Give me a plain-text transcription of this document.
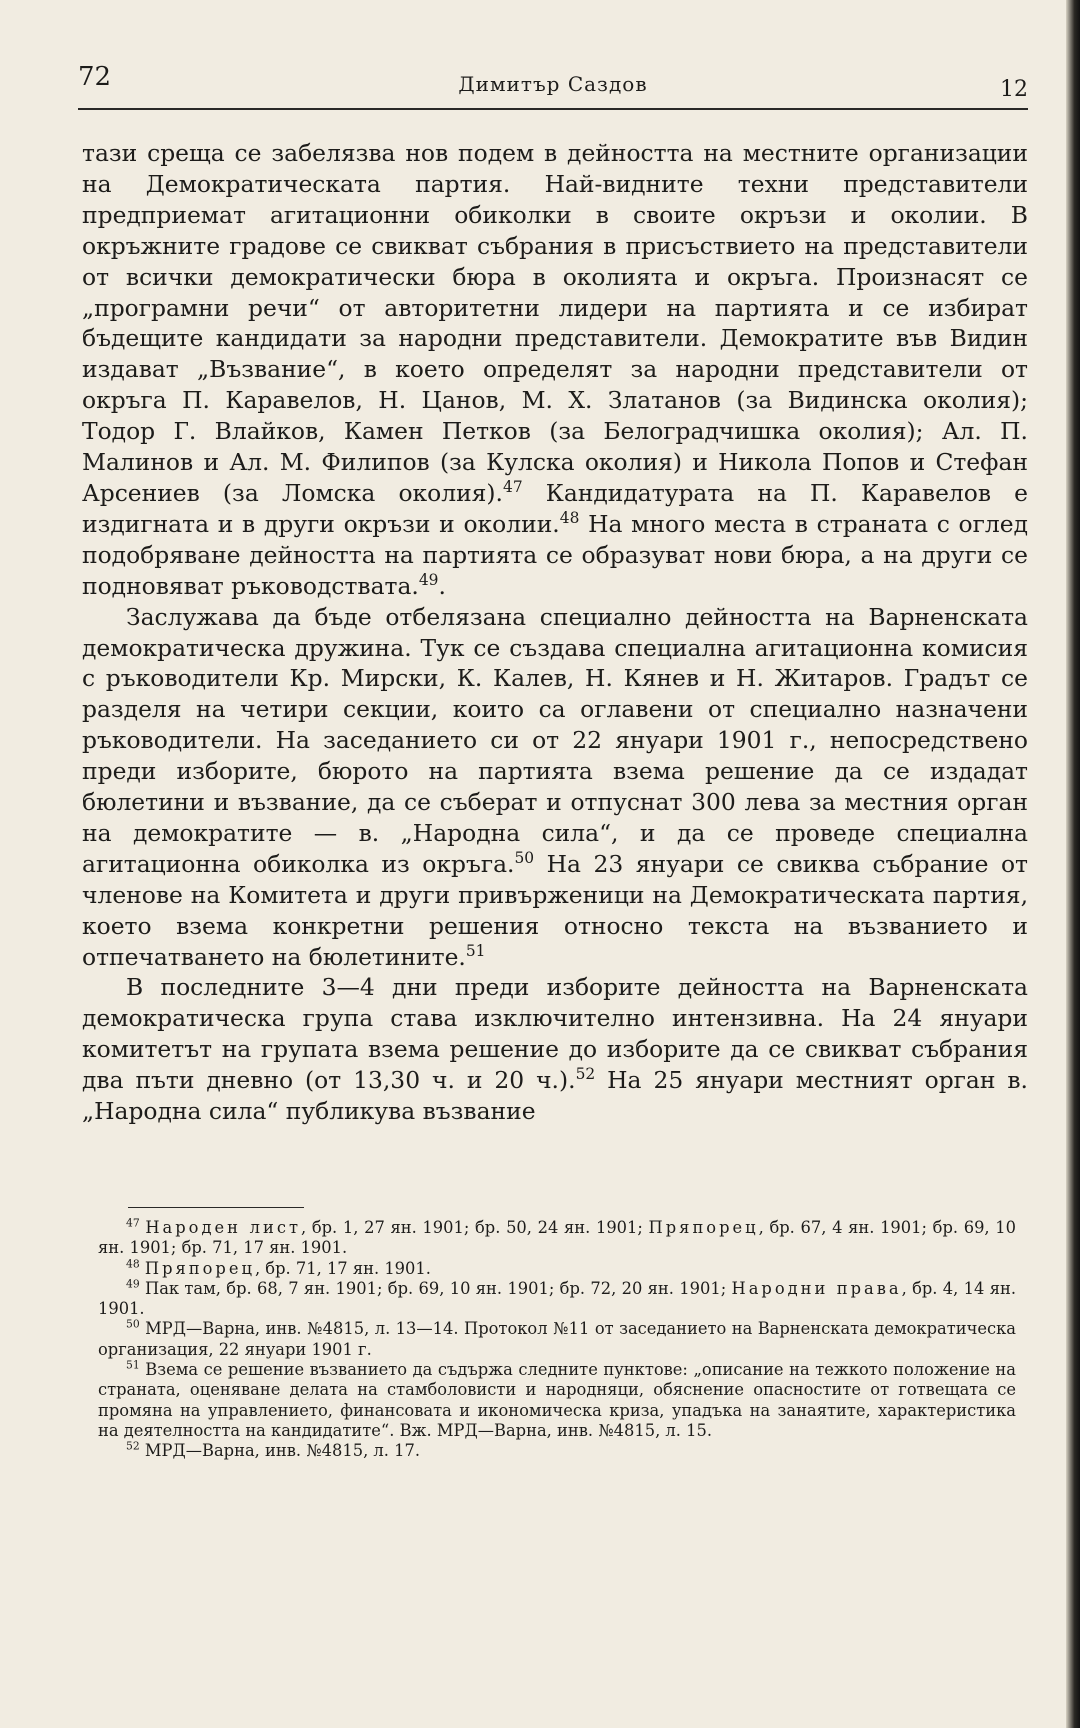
72	Димитър Саздов	12

тази среща се забелязва нов подем в дейността на местните организации на Демократическата партия. Най-видните техни представители предприемат агитационни обиколки в своите окръзи и околии. В окръжните градове се свикват събрания в присъствието на представители от всички демократически бюра в околията и окръга. Произнасят се „програмни речи“ от авторитетни лидери на партията и се избират бъдещите кандидати за народни представители. Демократите във Видин издават „Възвание“, в което определят за народни представители от окръга П. Каравелов, Н. Цанов, М. Х. Златанов (за Видинска околия); Тодор Г. Влайков, Камен Петков (за Белоградчишка околия); Ал. П. Малинов и Ал. М. Филипов (за Кулска околия) и Никола Попов и Стефан Арсениев (за Ломска околия).$^{47}$ Кандидатурата на П. Каравелов е издигната и в други окръзи и околии.$^{48}$ На много места в страната с оглед подобряване дейността на партията се образуват нови бюра, а на други се подновяват ръководствата.$^{49}$.

Заслужава да бъде отбелязана специално дейността на Варненската демократическа дружина. Тук се създава специална агитационна комисия с ръководители Кр. Мирски, К. Калев, Н. Кянев и Н. Житаров. Градът се разделя на четири секции, които са оглавени от специално назначени ръководители. На заседанието си от 22 януари 1901 г., непосредствено преди изборите, бюрото на партията взема решение да се издадат бюлетини и възвание, да се съберат и отпуснат 300 лева за местния орган на демократите — в. „Народна сила“, и да се проведе специална агитационна обиколка из окръга.$^{50}$ На 23 януари се свиква събрание от членове на Комитета и други привърженици на Демократическата партия, което взема конкретни решения относно текста на възванието и отпечатването на бюлетините.$^{51}$

В последните 3—4 дни преди изборите дейността на Варненската демократическа група става изключително интензивна. На 24 януари комитетът на групата взема решение до изборите да се свикват събрания два пъти дневно (от 13,30 ч. и 20 ч.).$^{52}$ На 25 януари местният орган в. „Народна сила“ публикува възвание

$^{47}$ Народен лист, бр. 1, 27 ян. 1901; бр. 50, 24 ян. 1901; Пряпорец, бр. 67, 4 ян. 1901; бр. 69, 10 ян. 1901; бр. 71, 17 ян. 1901.

$^{48}$ Пряпорец, бр. 71, 17 ян. 1901.

$^{49}$ Пак там, бр. 68, 7 ян. 1901; бр. 69, 10 ян. 1901; бр. 72, 20 ян. 1901; Народни права, бр. 4, 14 ян. 1901.

$^{50}$ МРД—Варна, инв. №4815, л. 13—14. Протокол №11 от заседанието на Варненската демократическа организация, 22 януари 1901 г.

$^{51}$ Взема се решение възванието да съдържа следните пунктове: „описание на тежкото положение на страната, оценяване делата на стамболовисти и народняци, обяснение опасностите от готвещата се промяна на управлението, финансовата и икономическа криза, упадъка на занаятите, характеристика на деятелността на кандидатите“. Вж. МРД—Варна, инв. №4815, л. 15.

$^{52}$ МРД—Варна, инв. №4815, л. 17.
